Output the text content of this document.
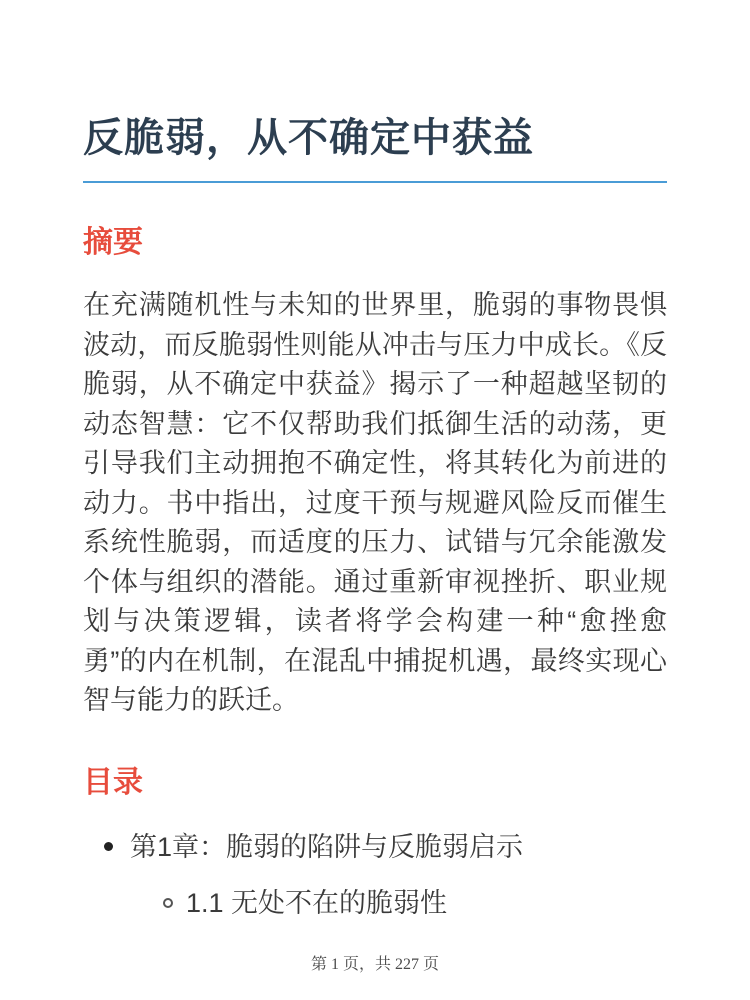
反脆弱，从不确定中获益
摘要

在充满随机性与未知的世界里，脆弱的事物畏惧波动，而反脆弱性则能从冲击与压力中成长。《反脆弱，从不确定中获益》揭示了一种超越坚韧的动态智慧：它不仅帮助我们抵御生活的动荡，更引导我们主动拥抱不确定性，将其转化为前进的动力。书中指出，过度干预与规避风险反而催生系统性脆弱，而适度的压力、试错与冗余能激发个体与组织的潜能。通过重新审视挫折、职业规划与决策逻辑，读者将学会构建一种“愈挫愈勇”的内在机制，在混乱中捕捉机遇，最终实现心智与能力的跃迁。

目录
第1章：脆弱的陷阱与反脆弱启示
1.1 无处不在的脆弱性
第 1 页，共 227 页
